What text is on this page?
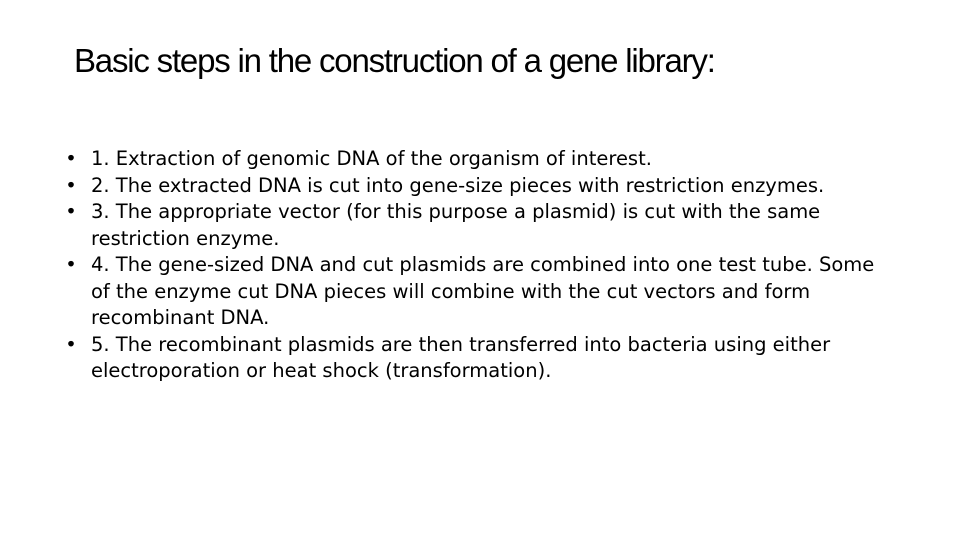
Basic steps in the construction of a gene library:
• 1. Extraction of genomic DNA of the organism of interest.
• 2. The extracted DNA is cut into gene-size pieces with restriction enzymes.
• 3. The appropriate vector (for this purpose a plasmid) is cut with the same restriction enzyme.
• 4. The gene-sized DNA and cut plasmids are combined into one test tube. Some of the enzyme cut DNA pieces will combine with the cut vectors and form recombinant DNA.
• 5. The recombinant plasmids are then transferred into bacteria using either electroporation or heat shock (transformation).
